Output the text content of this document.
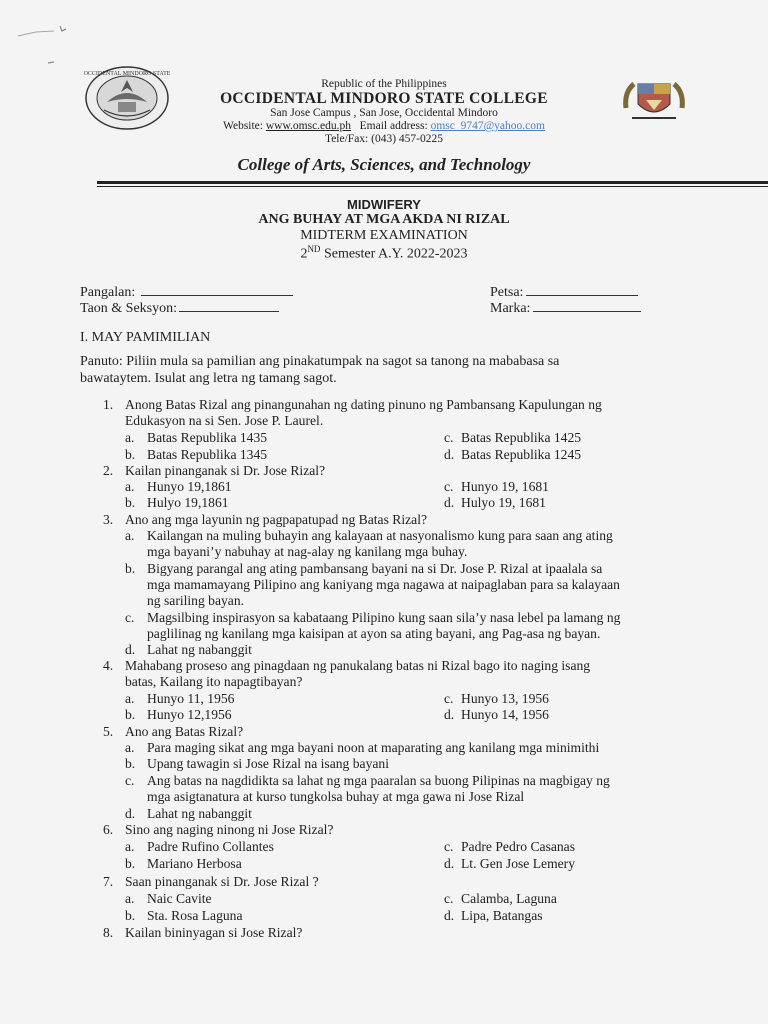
OCCIDENTAL MINDORO STATE
Republic of the Philippines
OCCIDENTAL MINDORO STATE COLLEGE
San Jose Campus , San Jose, Occidental Mindoro
Website: www.omsc.edu.ph Email address: omsc_9747@yahoo.com
Tele/Fax: (043) 457-0225
College of Arts, Sciences, and Technology
MIDWIFERY
ANG BUHAY AT MGA AKDA NI RIZAL
MIDTERM EXAMINATION
2ND Semester A.Y. 2022-2023
Pangalan:
Taon & Seksyon:
Petsa:
Marka:
I. MAY PAMIMILIAN
Panuto: Piliin mula sa pamilian ang pinakatumpak na sagot sa tanong na mababasa sa
bawataytem. Isulat ang letra ng tamang sagot.
1. Anong Batas Rizal ang pinangunahan ng dating pinuno ng Pambansang Kapulungan ng
Edukasyon na si Sen. Jose P. Laurel.
a. Batas Republika 1435	c. Batas Republika 1425
b. Batas Republika 1345	d. Batas Republika 1245
2. Kailan pinanganak si Dr. Jose Rizal?
a. Hunyo 19,1861	c. Hunyo 19, 1681
b. Hulyo 19,1861	d. Hulyo 19, 1681
3. Ano ang mga layunin ng pagpapatupad ng Batas Rizal?
a. Kailangan na muling buhayin ang kalayaan at nasyonalismo kung para saan ang ating
mga bayani’y nabuhay at nag-alay ng kanilang mga buhay.
b. Bigyang parangal ang ating pambansang bayani na si Dr. Jose P. Rizal at ipaalala sa
mga mamamayang Pilipino ang kaniyang mga nagawa at naipaglaban para sa kalayaan
ng sariling bayan.
c. Magsilbing inspirasyon sa kabataang Pilipino kung saan sila’y nasa lebel pa lamang ng
paglilinag ng kanilang mga kaisipan at ayon sa ating bayani, ang Pag-asa ng bayan.
d. Lahat ng nabanggit
4. Mahabang proseso ang pinagdaan ng panukalang batas ni Rizal bago ito naging isang
batas, Kailang ito napagtibayan?
a. Hunyo 11, 1956	c. Hunyo 13, 1956
b. Hunyo 12,1956	d. Hunyo 14, 1956
5. Ano ang Batas Rizal?
a. Para maging sikat ang mga bayani noon at maparating ang kanilang mga minimithi
b. Upang tawagin si Jose Rizal na isang bayani
c. Ang batas na nagdidikta sa lahat ng mga paaralan sa buong Pilipinas na magbigay ng
mga asigtanatura at kurso tungkolsa buhay at mga gawa ni Jose Rizal
d. Lahat ng nabanggit
6. Sino ang naging ninong ni Jose Rizal?
a. Padre Rufino Collantes	c. Padre Pedro Casanas
b. Mariano Herbosa	d. Lt. Gen Jose Lemery
7. Saan pinanganak si Dr. Jose Rizal ?
a. Naic Cavite	c. Calamba, Laguna
b. Sta. Rosa Laguna	d. Lipa, Batangas
8. Kailan bininyagan si Jose Rizal?
